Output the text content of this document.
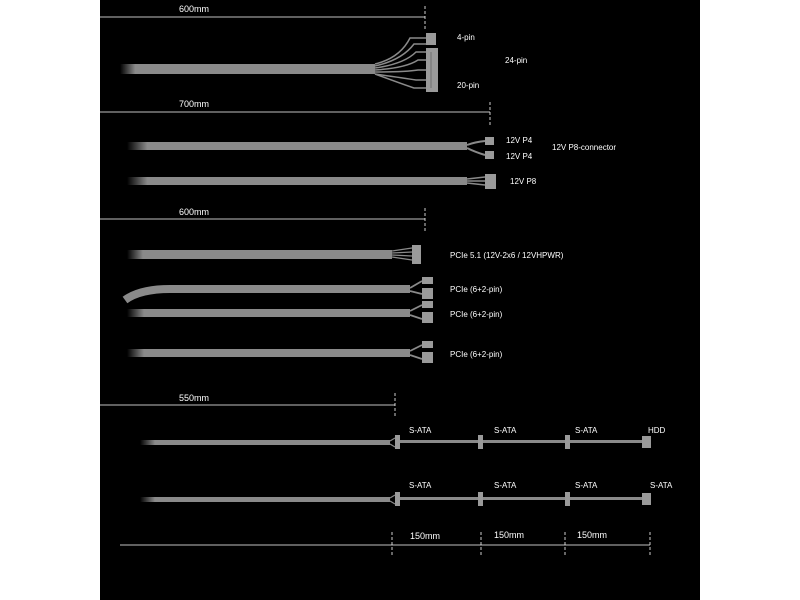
600mm
4-pin
24-pin
20-pin
700mm
12V P4
12V P4
12V P8-connector
12V P8
600mm
PCIe 5.1 (12V-2x6 / 12VHPWR)
PCIe (6+2-pin)
PCIe (6+2-pin)
PCIe (6+2-pin)
550mm
S-ATA	S-ATA	S-ATA	HDD
S-ATA	S-ATA	S-ATA	S-ATA
150mm	150mm	150mm
